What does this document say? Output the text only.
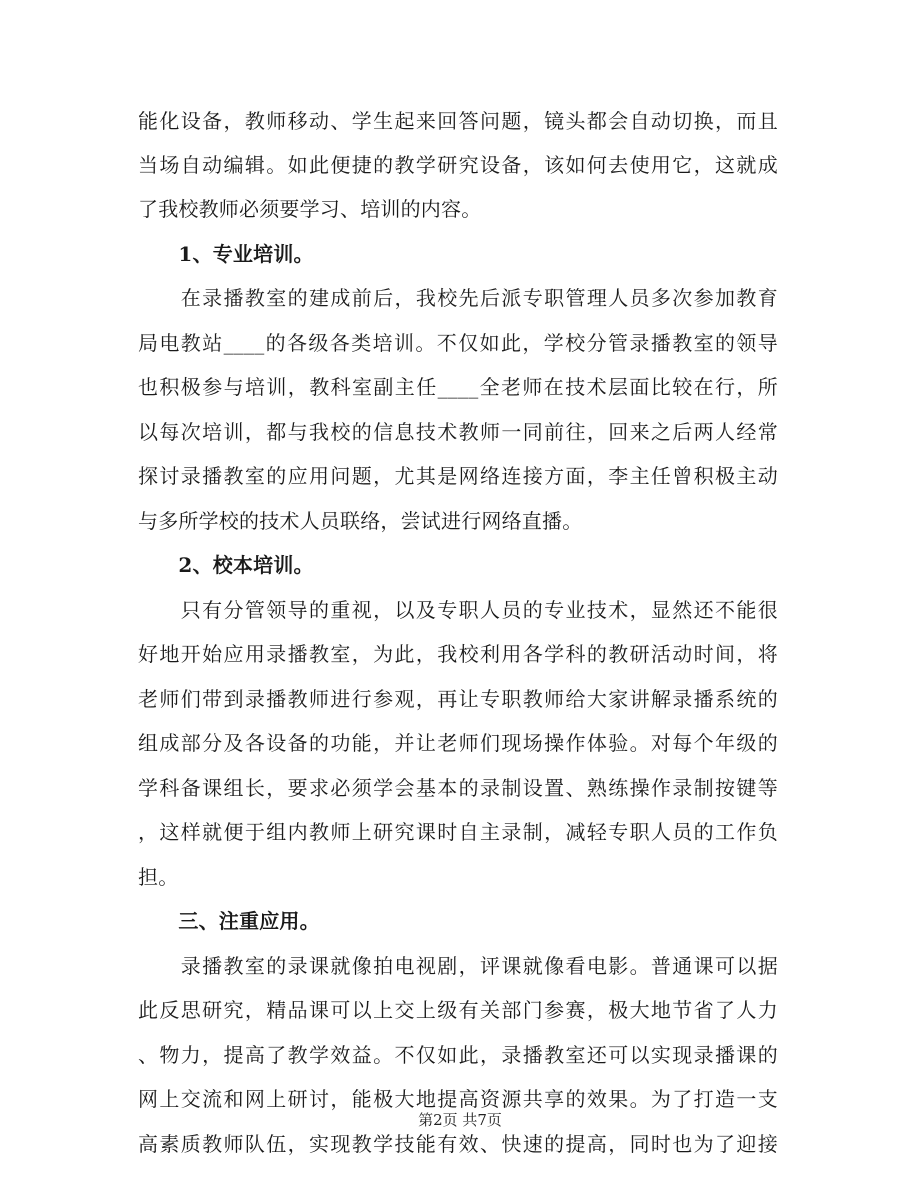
能化设备，教师移动、学生起来回答问题，镜头都会自动切换，而且
当场自动编辑。如此便捷的教学研究设备，该如何去使用它，这就成
了我校教师必须要学习、培训的内容。
　　1、专业培训。
　　在录播教室的建成前后，我校先后派专职管理人员多次参加教育
局电教站____的各级各类培训。不仅如此，学校分管录播教室的领导
也积极参与培训，教科室副主任____全老师在技术层面比较在行，所
以每次培训，都与我校的信息技术教师一同前往，回来之后两人经常
探讨录播教室的应用问题，尤其是网络连接方面，李主任曾积极主动
与多所学校的技术人员联络，尝试进行网络直播。
　　2、校本培训。
　　只有分管领导的重视，以及专职人员的专业技术，显然还不能很
好地开始应用录播教室，为此，我校利用各学科的教研活动时间，将
老师们带到录播教师进行参观，再让专职教师给大家讲解录播系统的
组成部分及各设备的功能，并让老师们现场操作体验。对每个年级的
学科备课组长，要求必须学会基本的录制设置、熟练操作录制按键等
，这样就便于组内教师上研究课时自主录制，减轻专职人员的工作负
担。
　　三、注重应用。
　　录播教室的录课就像拍电视剧，评课就像看电影。普通课可以据
此反思研究，精品课可以上交上级有关部门参赛，极大地节省了人力
、物力，提高了教学效益。不仅如此，录播教室还可以实现录播课的
网上交流和网上研讨，能极大地提高资源共享的效果。为了打造一支
高素质教师队伍，实现教学技能有效、快速的提高，同时也为了迎接
第2页 共7页
